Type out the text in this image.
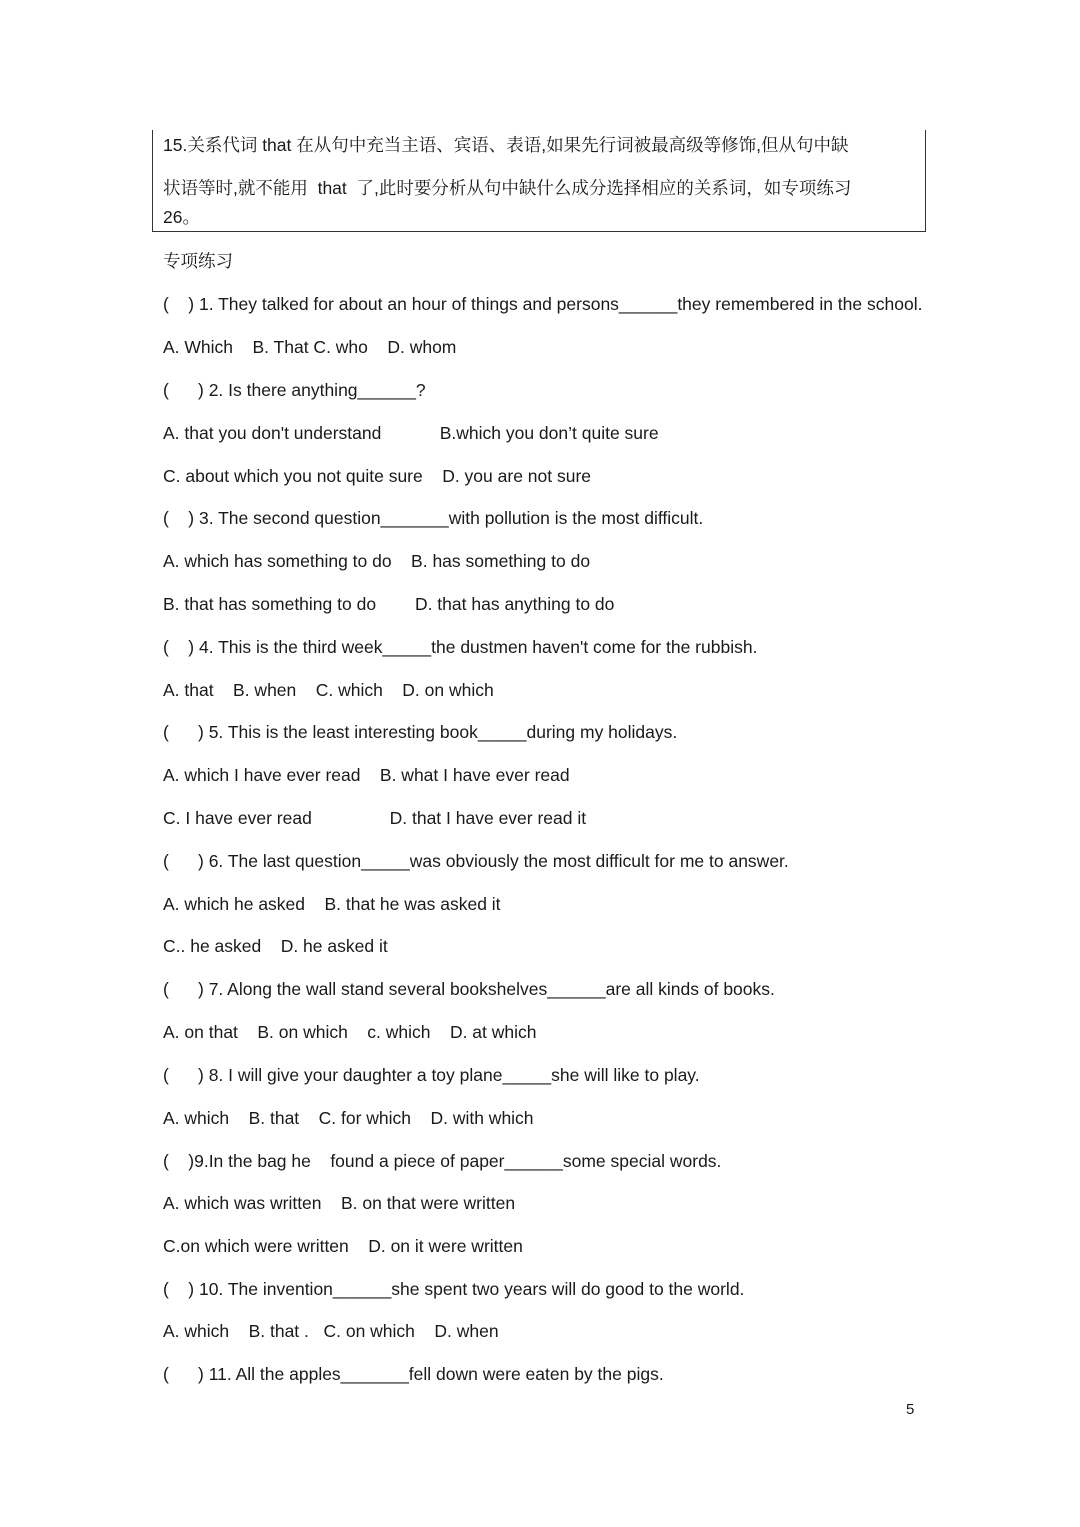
15.关系代词 that 在从句中充当主语、宾语、表语,如果先行词被最高级等修饰,但从句中缺
状语等时,就不能用  that  了,此时要分析从句中缺什么成分选择相应的关系词，如专项练习
26。
专项练习
(    ) 1. They talked for about an hour of things and persons______they remembered in the school.
A. Which    B. That C. who    D. whom
(      ) 2. Is there anything______?
A. that you don't understand            B.which you don’t quite sure
C. about which you not quite sure    D. you are not sure
(    ) 3. The second question_______with pollution is the most difficult.
A. which has something to do    B. has something to do
B. that has something to do        D. that has anything to do
(    ) 4. This is the third week_____the dustmen haven't come for the rubbish.
A. that    B. when    C. which    D. on which
(      ) 5. This is the least interesting book_____during my holidays.
A. which I have ever read    B. what I have ever read
C. I have ever read                D. that I have ever read it
(      ) 6. The last question_____was obviously the most difficult for me to answer.
A. which he asked    B. that he was asked it
C.. he asked    D. he asked it
(      ) 7. Along the wall stand several bookshelves______are all kinds of books.
A. on that    B. on which    c. which    D. at which
(      ) 8. I will give your daughter a toy plane_____she will like to play.
A. which    B. that    C. for which    D. with which
(    )9.In the bag he    found a piece of paper______some special words.
A. which was written    B. on that were written
C.on which were written    D. on it were written
(    ) 10. The invention______she spent two years will do good to the world.
A. which    B. that .   C. on which    D. when
(      ) 11. All the apples_______fell down were eaten by the pigs.
5
